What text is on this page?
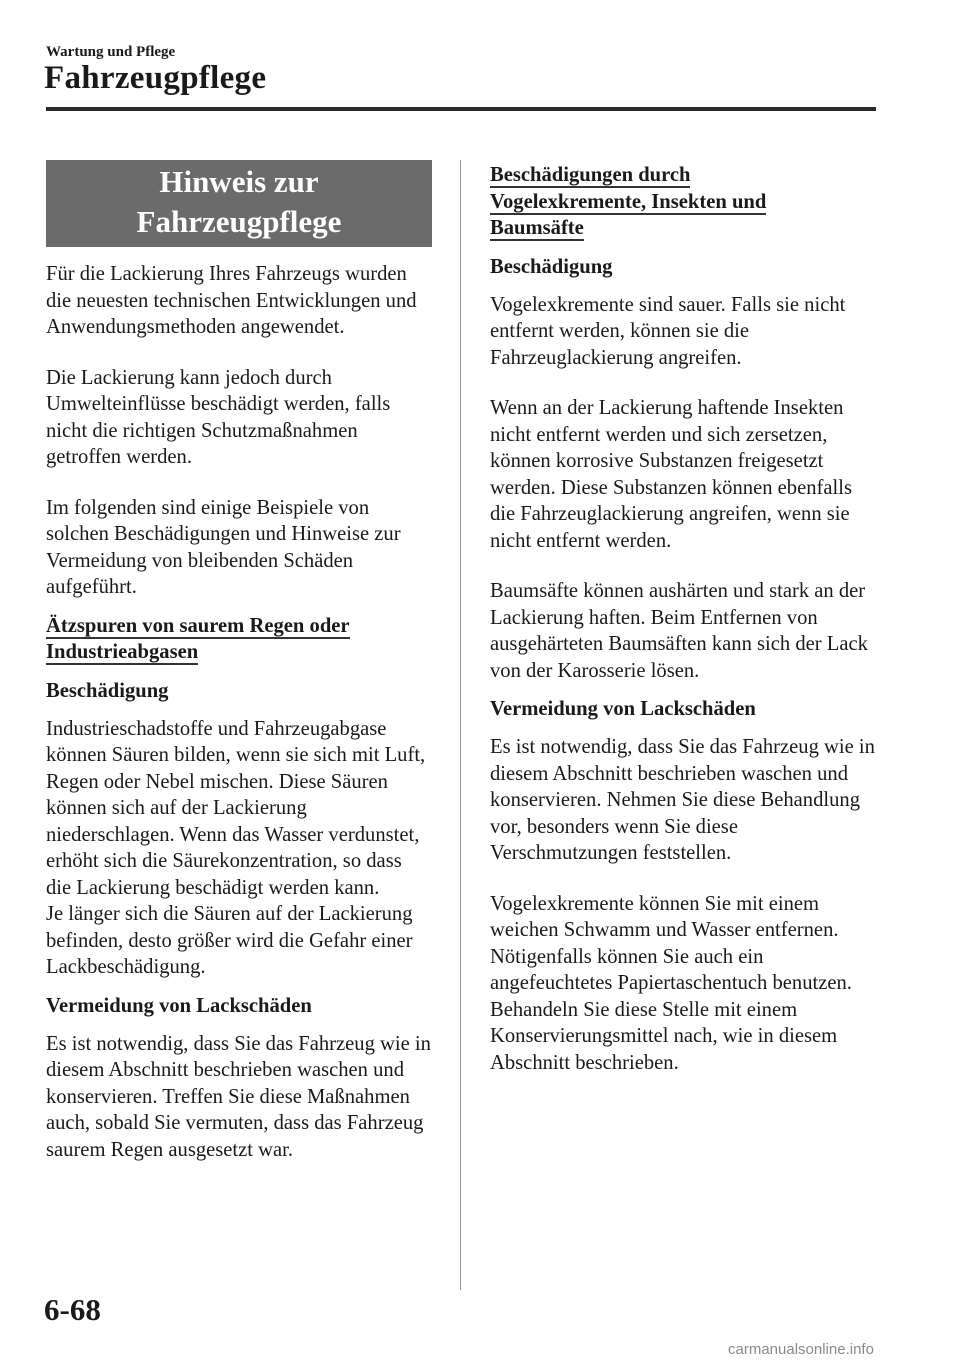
Wartung und Pflege
Fahrzeugpflege
Hinweis zur
Fahrzeugpflege

Für die Lackierung Ihres Fahrzeugs wurden die neuesten technischen Entwicklungen und Anwendungsmethoden angewendet.

Die Lackierung kann jedoch durch Umwelteinflüsse beschädigt werden, falls nicht die richtigen Schutzmaßnahmen getroffen werden.

Im folgenden sind einige Beispiele von solchen Beschädigungen und Hinweise zur Vermeidung von bleibenden Schäden aufgeführt.

Ätzspuren von saurem Regen oder
Industrieabgasen
Beschädigung

Industrieschadstoffe und Fahrzeugabgase können Säuren bilden, wenn sie sich mit Luft, Regen oder Nebel mischen. Diese Säuren können sich auf der Lackierung niederschlagen. Wenn das Wasser verdunstet, erhöht sich die Säurekonzentration, so dass die Lackierung beschädigt werden kann.

Je länger sich die Säuren auf der Lackierung befinden, desto größer wird die Gefahr einer Lackbeschädigung.

Vermeidung von Lackschäden

Es ist notwendig, dass Sie das Fahrzeug wie in diesem Abschnitt beschrieben waschen und konservieren. Treffen Sie diese Maßnahmen auch, sobald Sie vermuten, dass das Fahrzeug saurem Regen ausgesetzt war.

Beschädigungen durch
Vogelexkremente, Insekten und
Baumsäfte
Beschädigung

Vogelexkremente sind sauer. Falls sie nicht entfernt werden, können sie die Fahrzeuglackierung angreifen.

Wenn an der Lackierung haftende Insekten nicht entfernt werden und sich zersetzen, können korrosive Substanzen freigesetzt werden. Diese Substanzen können ebenfalls die Fahrzeuglackierung angreifen, wenn sie nicht entfernt werden.

Baumsäfte können aushärten und stark an der Lackierung haften. Beim Entfernen von ausgehärteten Baumsäften kann sich der Lack von der Karosserie lösen.

Vermeidung von Lackschäden

Es ist notwendig, dass Sie das Fahrzeug wie in diesem Abschnitt beschrieben waschen und konservieren. Nehmen Sie diese Behandlung vor, besonders wenn Sie diese Verschmutzungen feststellen.

Vogelexkremente können Sie mit einem weichen Schwamm und Wasser entfernen. Nötigenfalls können Sie auch ein angefeuchtetes Papiertaschentuch benutzen. Behandeln Sie diese Stelle mit einem Konservierungsmittel nach, wie in diesem Abschnitt beschrieben.

6-68
carmanualsonline.info
